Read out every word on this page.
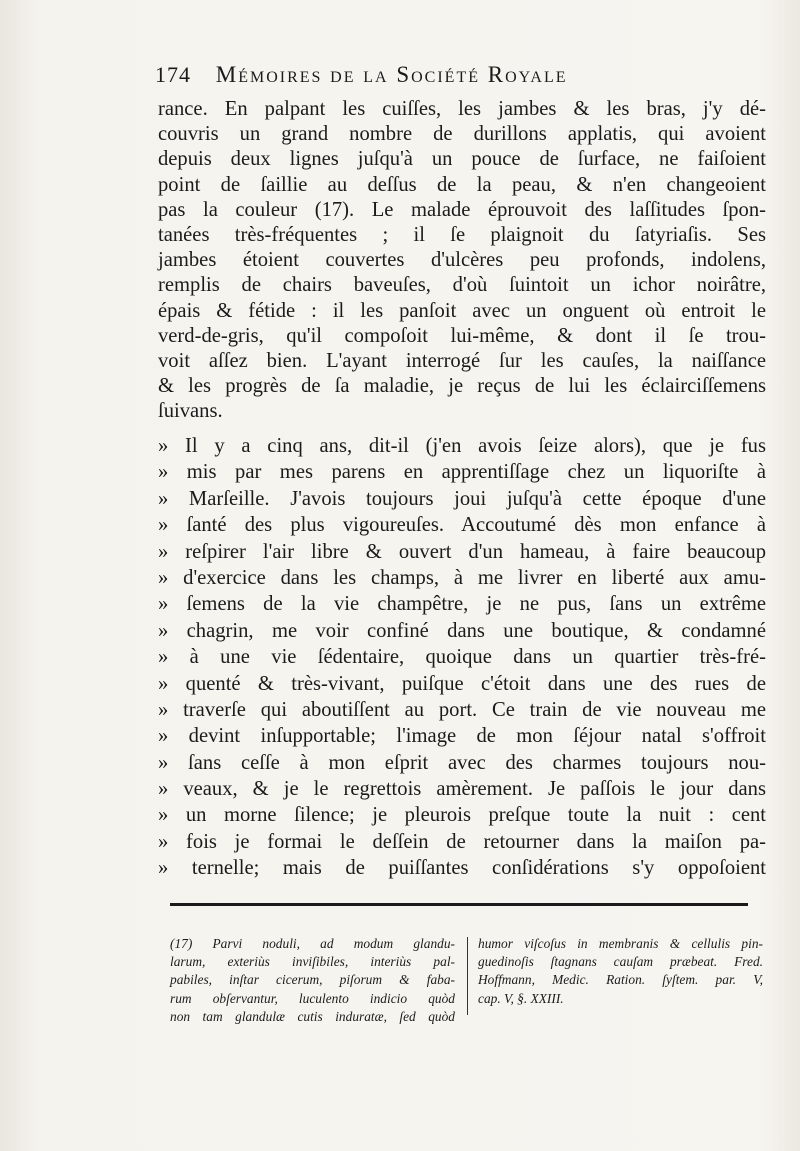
174 Mémoires de la Société Royale
rance. En palpant les cuiſſes, les jambes & les bras, j'y dé-
couvris un grand nombre de durillons applatis, qui avoient
depuis deux lignes juſqu'à un pouce de ſurface, ne faiſoient
point de ſaillie au deſſus de la peau, & n'en changeoient
pas la couleur (17). Le malade éprouvoit des laſſitudes ſpon-
tanées très-fréquentes ; il ſe plaignoit du ſatyriaſis. Ses
jambes étoient couvertes d'ulcères peu profonds, indolens,
remplis de chairs baveuſes, d'où ſuintoit un ichor noirâtre,
épais & fétide : il les panſoit avec un onguent où entroit le
verd-de-gris, qu'il compoſoit lui-même, & dont il ſe trou-
voit aſſez bien. L'ayant interrogé ſur les cauſes, la naiſſance
& les progrès de ſa maladie, je reçus de lui les éclairciſſemens
ſuivans.
» Il y a cinq ans, dit-il (j'en avois ſeize alors), que je fus
» mis par mes parens en apprentiſſage chez un liquoriſte à
» Marſeille. J'avois toujours joui juſqu'à cette époque d'une
» ſanté des plus vigoureuſes. Accoutumé dès mon enfance à
» reſpirer l'air libre & ouvert d'un hameau, à faire beaucoup
» d'exercice dans les champs, à me livrer en liberté aux amu-
» ſemens de la vie champêtre, je ne pus, ſans un extrême
» chagrin, me voir confiné dans une boutique, & condamné
» à une vie ſédentaire, quoique dans un quartier très-fré-
» quenté & très-vivant, puiſque c'étoit dans une des rues de
» traverſe qui aboutiſſent au port. Ce train de vie nouveau me
» devint inſupportable; l'image de mon ſéjour natal s'offroit
» ſans ceſſe à mon eſprit avec des charmes toujours nou-
» veaux, & je le regrettois amèrement. Je paſſois le jour dans
» un morne ſilence; je pleurois preſque toute la nuit : cent
» fois je formai le deſſein de retourner dans la maiſon pa-
» ternelle; mais de puiſſantes conſidérations s'y oppoſoient
(17) Parvi noduli, ad modum glandu-
larum, exteriùs inviſibiles, interiùs pal-
pabiles, inſtar cicerum, piſorum & faba-
rum obſervantur, luculento indicio quòd
non tam glandulæ cutis induratæ, ſed quòd
humor viſcoſus in membranis & cellulis pin-
guedinoſis ſtagnans cauſam præbeat. Fred.
Hoffmann, Medic. Ration. ſyſtem. par. V,
cap. V, §. XXIII.
